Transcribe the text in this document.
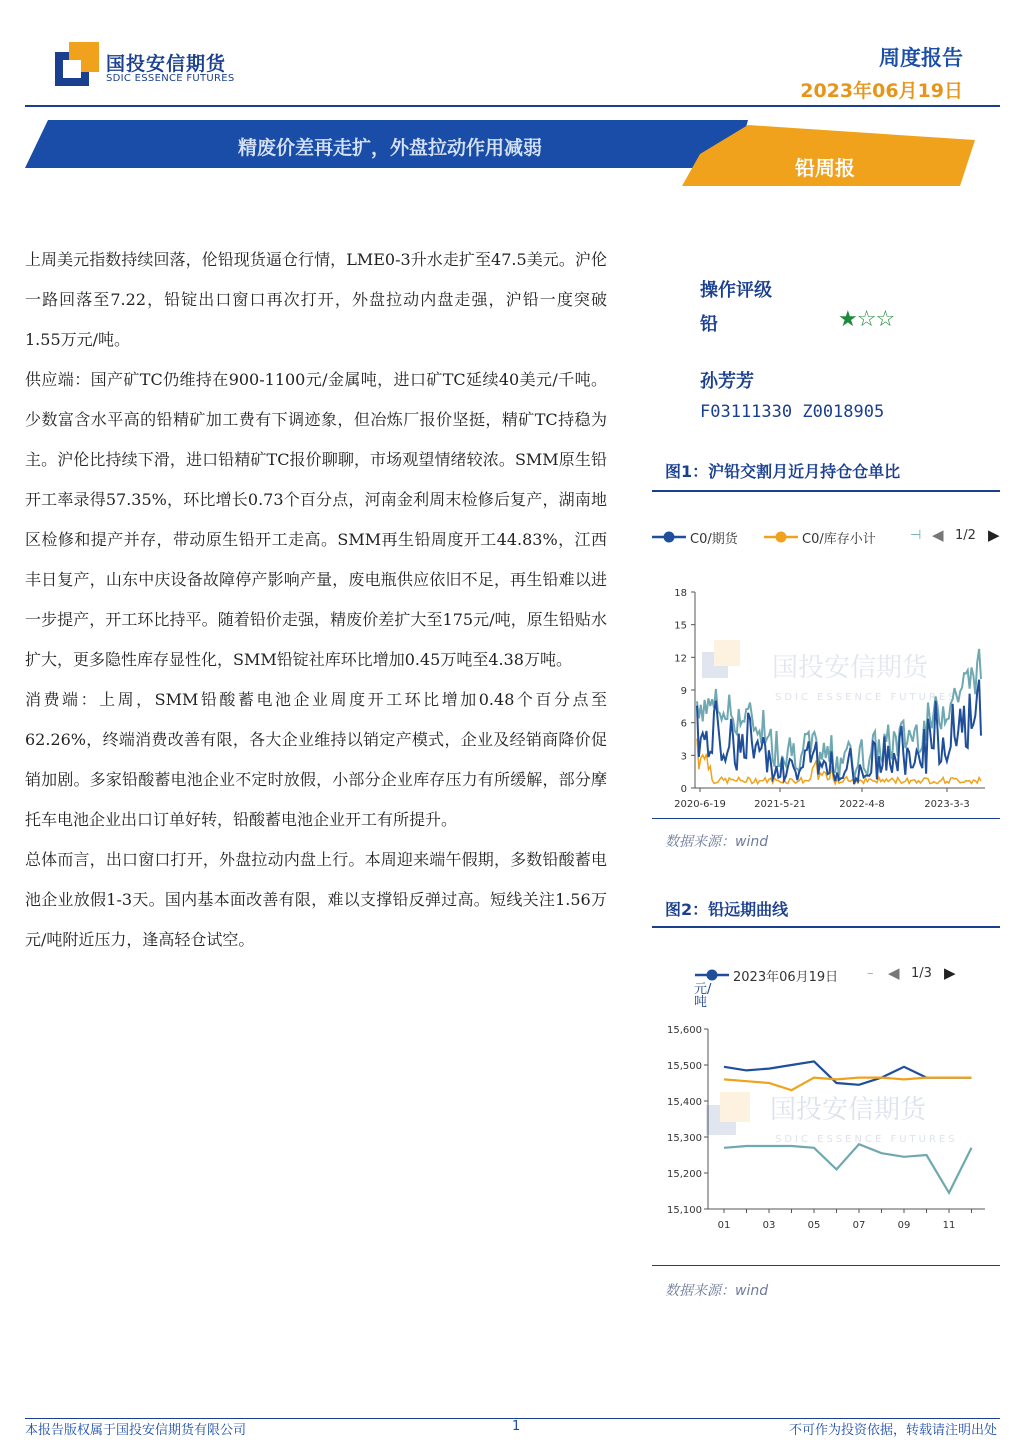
国投安信期货
SDIC ESSENCE FUTURES
周度报告
2023年06月19日
精废价差再走扩，外盘拉动作用减弱
铅周报

上周美元指数持续回落，伦铅现货逼仓行情，LME0-3升水走扩至47.5美元。沪伦一路回落至7.22，铅锭出口窗口再次打开，外盘拉动内盘走强，沪铅一度突破1.55万元/吨。

供应端：国产矿TC仍维持在900-1100元/金属吨，进口矿TC延续40美元/千吨。少数富含水平高的铅精矿加工费有下调迹象，但冶炼厂报价坚挺，精矿TC持稳为主。沪伦比持续下滑，进口铅精矿TC报价聊聊，市场观望情绪较浓。SMM原生铅开工率录得57.35%，环比增长0.73个百分点，河南金利周末检修后复产，湖南地区检修和提产并存，带动原生铅开工走高。SMM再生铅周度开工44.83%，江西丰日复产，山东中庆设备故障停产影响产量，废电瓶供应依旧不足，再生铅难以进一步提产，开工环比持平。随着铅价走强，精废价差扩大至175元/吨，原生铅贴水扩大，更多隐性库存显性化，SMM铅锭社库环比增加0.45万吨至4.38万吨。

消费端：上周，SMM铅酸蓄电池企业周度开工环比增加0.48个百分点至62.26%，终端消费改善有限，各大企业维持以销定产模式，企业及经销商降价促销加剧。多家铅酸蓄电池企业不定时放假，小部分企业库存压力有所缓解，部分摩托车电池企业出口订单好转，铅酸蓄电池企业开工有所提升。

总体而言，出口窗口打开，外盘拉动内盘上行。本周迎来端午假期，多数铅酸蓄电池企业放假1-3天。国内基本面改善有限，难以支撑铅反弹过高。短线关注1.56万元/吨附近压力，逢高轻仓试空。

操作评级
铅	★☆☆
孙芳芳
F03111330 Z0018905
图1：沪铅交割月近月持仓仓单比
C0/期货	C0/库存小计	⊣ ◀ 1/2 ▶
0
3
6
9
12
15
18
2020-6-19	2021-5-21	2022-4-8	2023-3-3
国投安信期货
SDIC ESSENCE FUTURES
数据来源：wind
图2：铅远期曲线
2023年06月19日 – ◀ 1/3 ▶
元/吨
15,100
15,200
15,300
15,400
15,500
15,600
01	03	05	07	09	11
国投安信期货
SDIC ESSENCE FUTURES
数据来源：wind
本报告版权属于国投安信期货有限公司	1	不可作为投资依据，转载请注明出处
